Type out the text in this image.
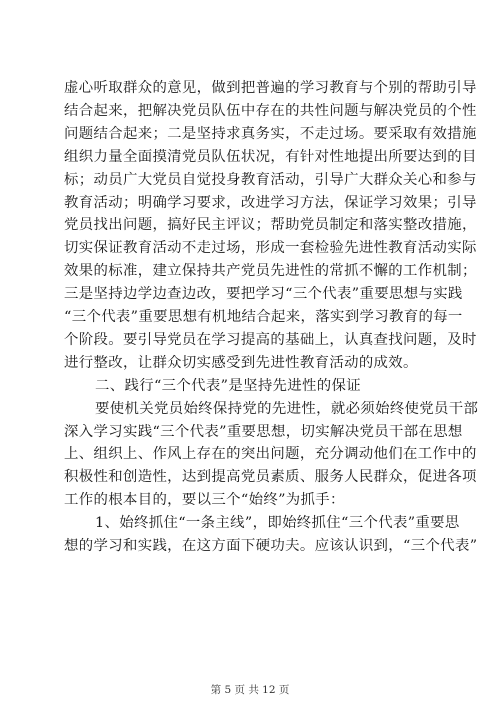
虚心听取群众的意见，做到把普遍的学习教育与个别的帮助引导
结合起来，把解决党员队伍中存在的共性问题与解决党员的个性
问题结合起来；二是坚持求真务实，不走过场。要采取有效措施
组织力量全面摸清党员队伍状况，有针对性地提出所要达到的目
标；动员广大党员自觉投身教育活动，引导广大群众关心和参与
教育活动；明确学习要求，改进学习方法，保证学习效果；引导
党员找出问题，搞好民主评议；帮助党员制定和落实整改措施，
切实保证教育活动不走过场，形成一套检验先进性教育活动实际
效果的标准，建立保持共产党员先进性的常抓不懈的工作机制；
三是坚持边学边查边改，要把学习“三个代表”重要思想与实践
“三个代表”重要思想有机地结合起来，落实到学习教育的每一
个阶段。要引导党员在学习提高的基础上，认真查找问题，及时
进行整改，让群众切实感受到先进性教育活动的成效。
二、践行“三个代表”是坚持先进性的保证
要使机关党员始终保持党的先进性，就必须始终使党员干部
深入学习实践“三个代表”重要思想，切实解决党员干部在思想
上、组织上、作风上存在的突出问题，充分调动他们在工作中的
积极性和创造性，达到提高党员素质、服务人民群众，促进各项
工作的根本目的，要以三个“始终”为抓手：
1、始终抓住“一条主线”，即始终抓住“三个代表”重要思
想的学习和实践，在这方面下硬功夫。应该认识到，“三个代表”
第 5 页 共 12 页
